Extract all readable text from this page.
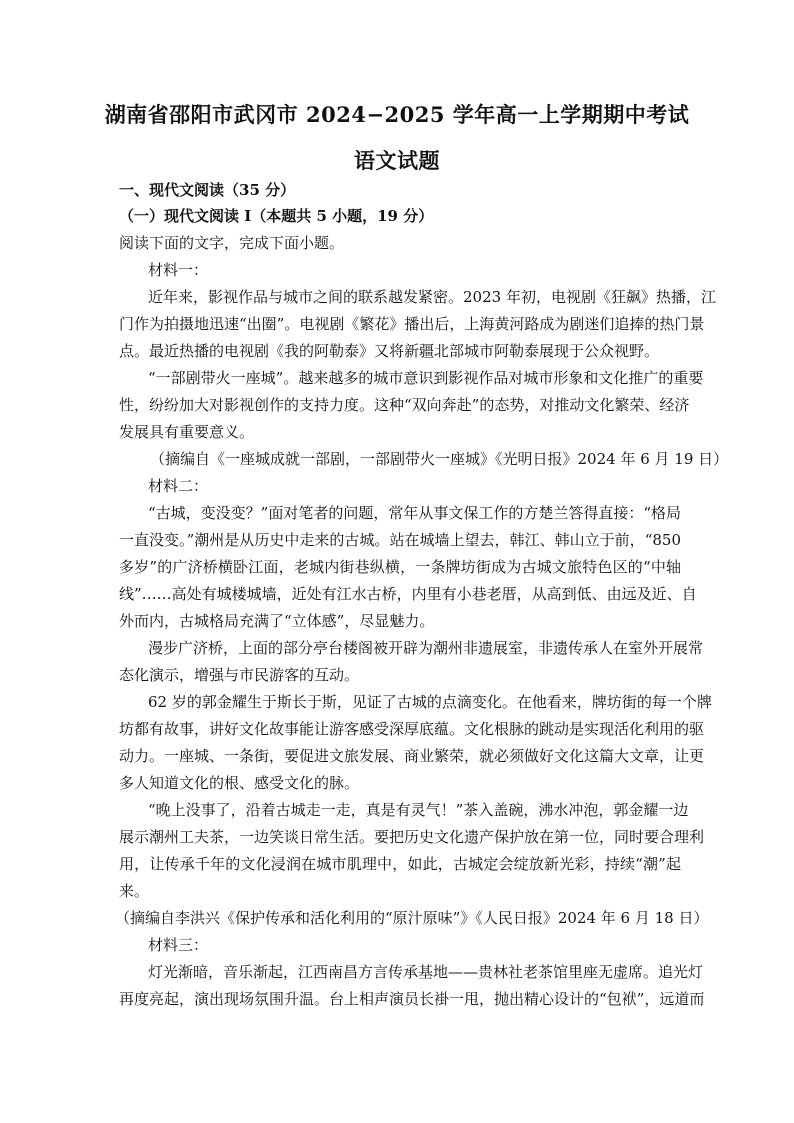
湖南省邵阳市武冈市 2024−2025 学年高一上学期期中考试
语文试题
一、现代文阅读（35 分）
（一）现代文阅读 I（本题共 5 小题，19 分）
阅读下面的文字，完成下面小题。
材料一：
近年来，影视作品与城市之间的联系越发紧密。2023 年初，电视剧《狂飙》热播，江
门作为拍摄地迅速“出圈”。电视剧《繁花》播出后，上海黄河路成为剧迷们追捧的热门景
点。最近热播的电视剧《我的阿勒泰》又将新疆北部城市阿勒泰展现于公众视野。
“一部剧带火一座城”。越来越多的城市意识到影视作品对城市形象和文化推广的重要
性，纷纷加大对影视创作的支持力度。这种“双向奔赴”的态势，对推动文化繁荣、经济
发展具有重要意义。
（摘编自《一座城成就一部剧，一部剧带火一座城》《光明日报》2024 年 6 月 19 日）
材料二：
“古城，变没变？”面对笔者的问题，常年从事文保工作的方楚兰答得直接：“格局
一直没变。”潮州是从历史中走来的古城。站在城墙上望去，韩江、韩山立于前，“850
多岁”的广济桥横卧江面，老城内街巷纵横，一条牌坊街成为古城文旅特色区的“中轴
线”……高处有城楼城墙，近处有江水古桥，内里有小巷老厝，从高到低、由远及近、自
外而内，古城格局充满了“立体感”，尽显魅力。
漫步广济桥，上面的部分亭台楼阁被开辟为潮州非遗展室，非遗传承人在室外开展常
态化演示，增强与市民游客的互动。
62 岁的郭金耀生于斯长于斯，见证了古城的点滴变化。在他看来，牌坊街的每一个牌
坊都有故事，讲好文化故事能让游客感受深厚底蕴。文化根脉的跳动是实现活化利用的驱
动力。一座城、一条街，要促进文旅发展、商业繁荣，就必须做好文化这篇大文章，让更
多人知道文化的根、感受文化的脉。
“晚上没事了，沿着古城走一走，真是有灵气！”茶入盖碗，沸水冲泡，郭金耀一边
展示潮州工夫茶，一边笑谈日常生活。要把历史文化遗产保护放在第一位，同时要合理利
用，让传承千年的文化浸润在城市肌理中，如此，古城定会绽放新光彩，持续“潮”起
来。
（摘编自李洪兴《保护传承和活化利用的“原汁原味”》《人民日报》2024 年 6 月 18 日）
材料三：
灯光渐暗，音乐渐起，江西南昌方言传承基地——贵林社老茶馆里座无虚席。追光灯
再度亮起，演出现场氛围升温。台上相声演员长褂一甩，抛出精心设计的“包袱”，远道而
